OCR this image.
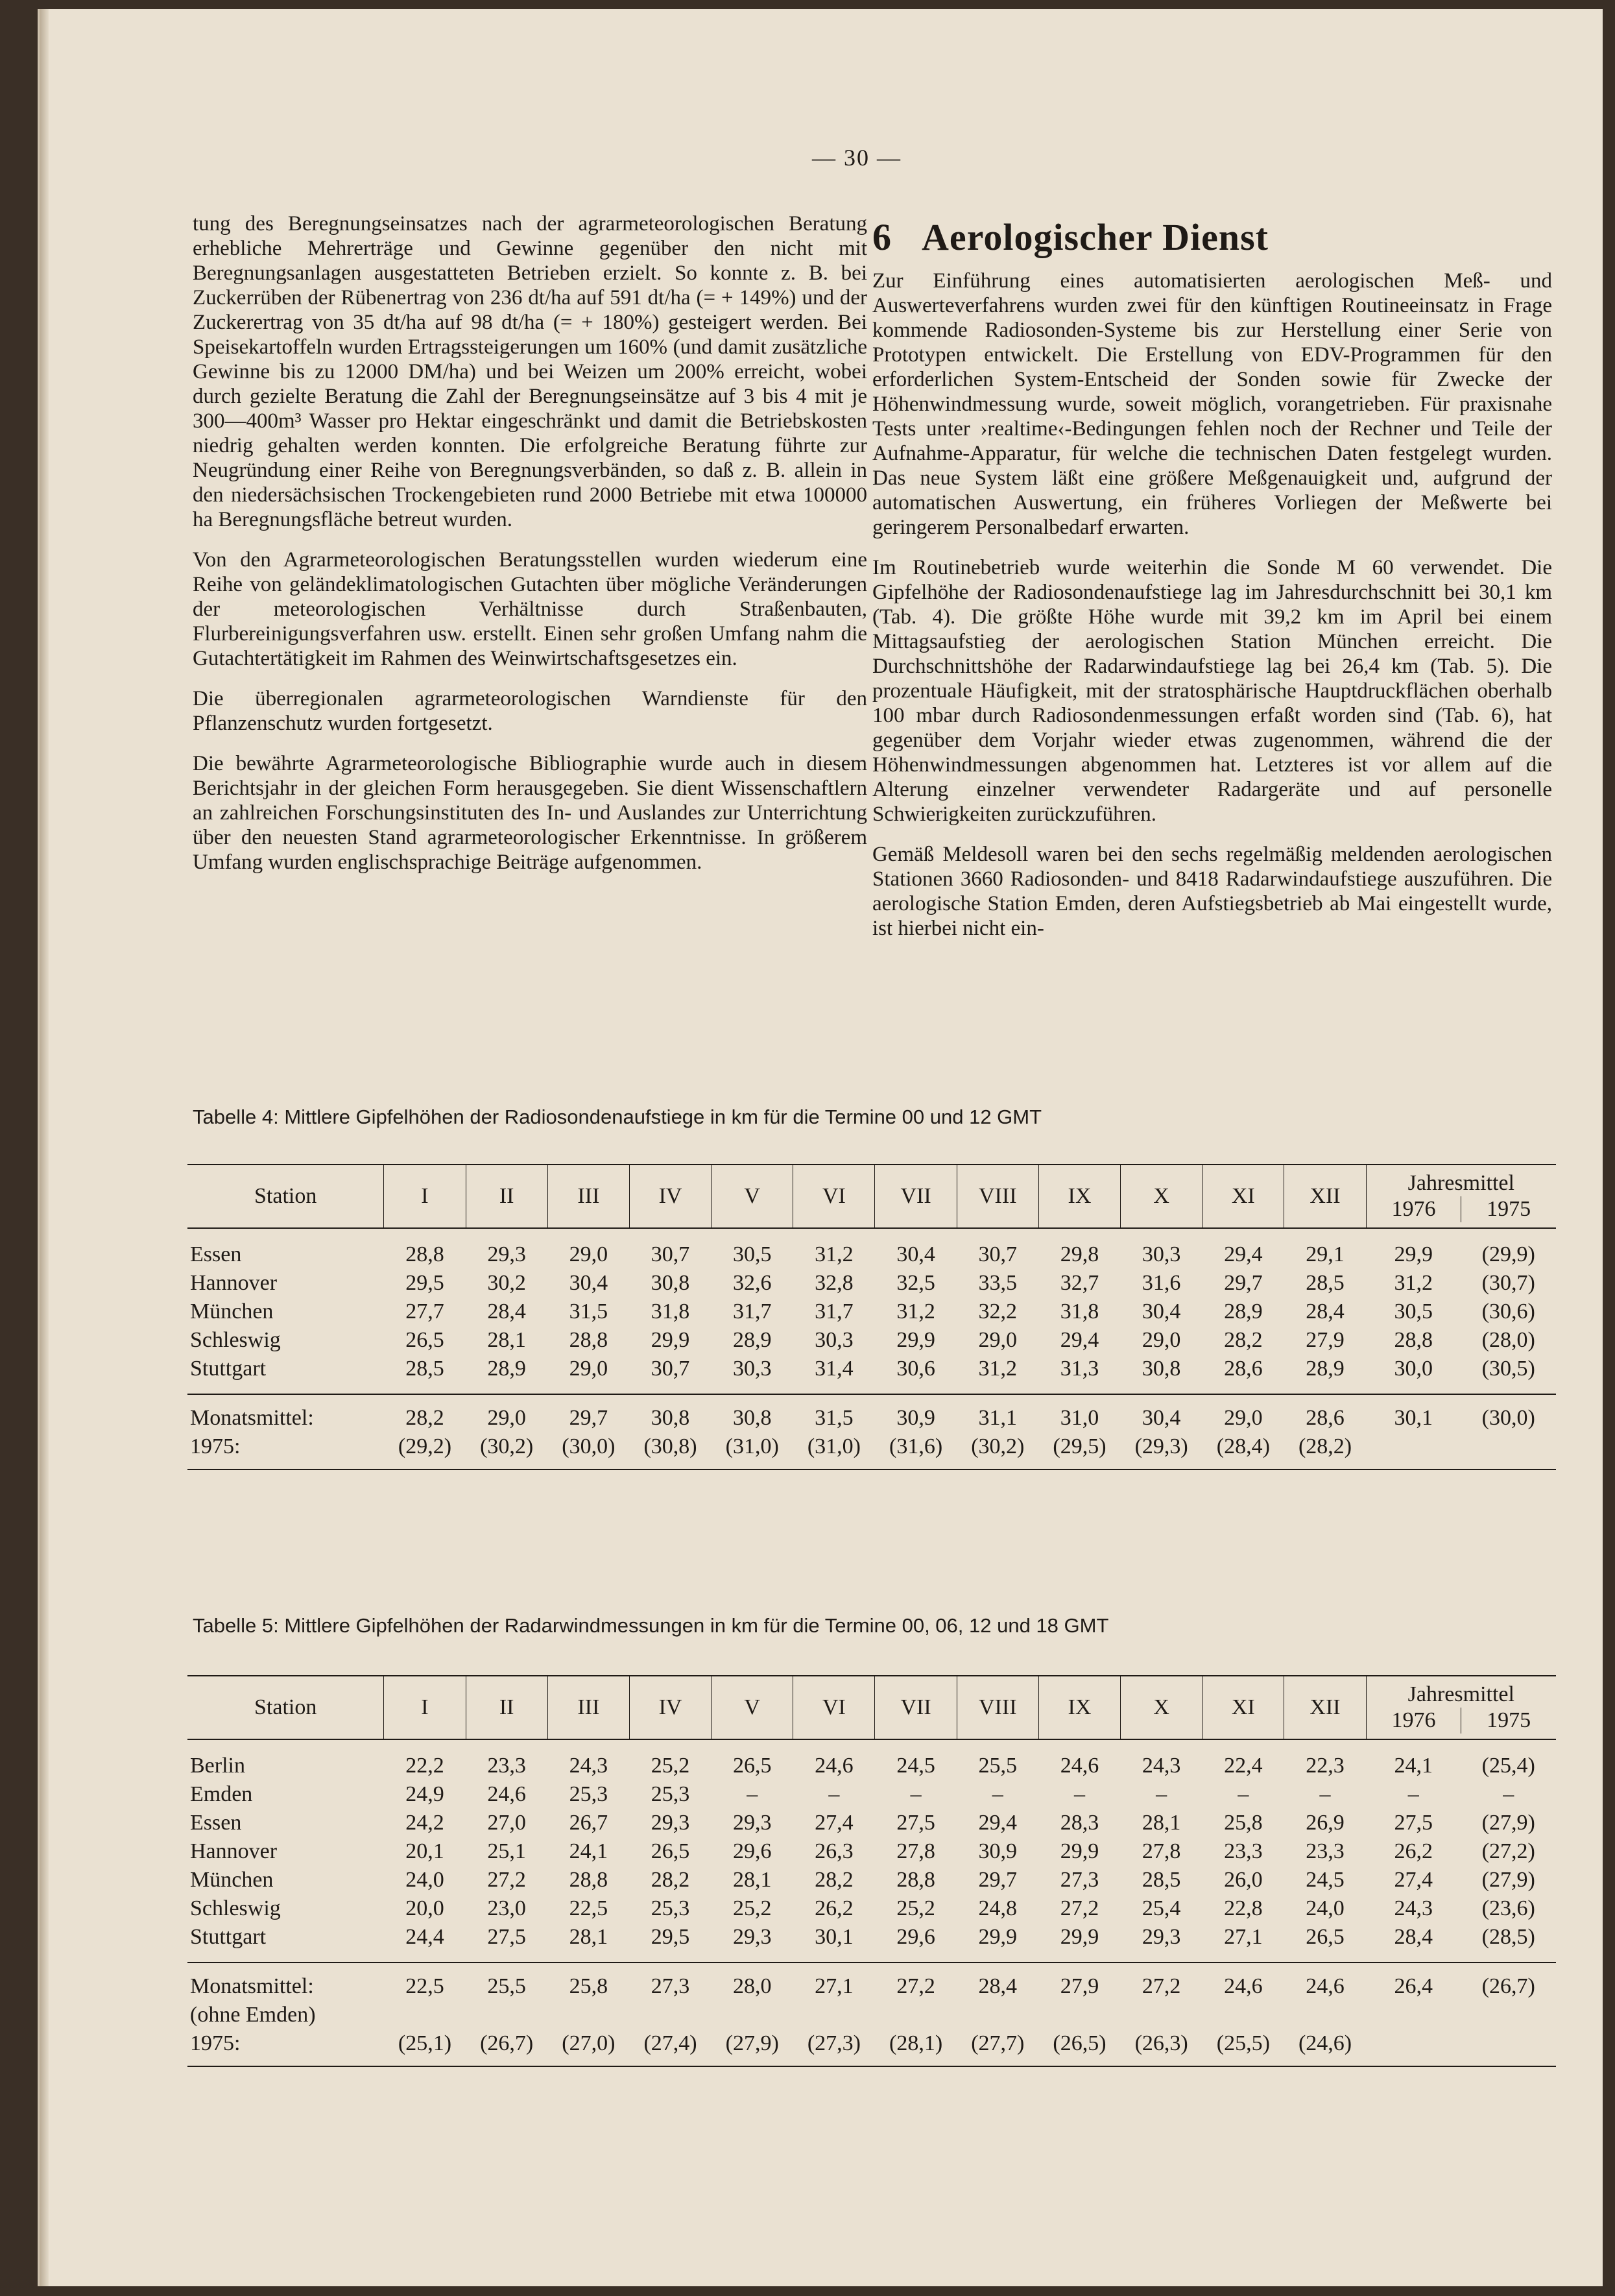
— 30 —

tung des Beregnungseinsatzes nach der agrarmeteorologischen Beratung erhebliche Mehrerträge und Gewinne gegenüber den nicht mit Beregnungsanlagen ausgestatteten Betrieben erzielt. So konnte z. B. bei Zuckerrüben der Rübenertrag von 236 dt/ha auf 591 dt/ha (= + 149%) und der Zuckerertrag von 35 dt/ha auf 98 dt/ha (= + 180%) gesteigert werden. Bei Speisekartoffeln wurden Ertragssteigerungen um 160% (und damit zusätzliche Gewinne bis zu 12000 DM/ha) und bei Weizen um 200% erreicht, wobei durch gezielte Beratung die Zahl der Beregnungseinsätze auf 3 bis 4 mit je 300—400m³ Wasser pro Hektar eingeschränkt und damit die Betriebskosten niedrig gehalten werden konnten. Die erfolgreiche Beratung führte zur Neugründung einer Reihe von Beregnungsverbänden, so daß z. B. allein in den niedersächsischen Trockengebieten rund 2000 Betriebe mit etwa 100000 ha Beregnungsfläche betreut wurden.

Von den Agrarmeteorologischen Beratungsstellen wurden wiederum eine Reihe von geländeklimatologischen Gutachten über mögliche Veränderungen der meteorologischen Verhältnisse durch Straßenbauten, Flurbereinigungsverfahren usw. erstellt. Einen sehr großen Umfang nahm die Gutachtertätigkeit im Rahmen des Weinwirtschaftsgesetzes ein.

Die überregionalen agrarmeteorologischen Warndienste für den Pflanzenschutz wurden fortgesetzt.

Die bewährte Agrarmeteorologische Bibliographie wurde auch in diesem Berichtsjahr in der gleichen Form herausgegeben. Sie dient Wissenschaftlern an zahlreichen Forschungsinstituten des In- und Auslandes zur Unterrichtung über den neuesten Stand agrarmeteorologischer Erkenntnisse. In größerem Umfang wurden englischsprachige Beiträge aufgenommen.

6 Aerologischer Dienst

Zur Einführung eines automatisierten aerologischen Meß- und Auswerteverfahrens wurden zwei für den künftigen Routineeinsatz in Frage kommende Radiosonden-Systeme bis zur Herstellung einer Serie von Prototypen entwickelt. Die Erstellung von EDV-Programmen für den erforderlichen System-Entscheid der Sonden sowie für Zwecke der Höhenwindmessung wurde, soweit möglich, vorangetrieben. Für praxisnahe Tests unter ›realtime‹-Bedingungen fehlen noch der Rechner und Teile der Aufnahme-Apparatur, für welche die technischen Daten festgelegt wurden. Das neue System läßt eine größere Meßgenauigkeit und, aufgrund der automatischen Auswertung, ein früheres Vorliegen der Meßwerte bei geringerem Personalbedarf erwarten.

Im Routinebetrieb wurde weiterhin die Sonde M 60 verwendet. Die Gipfelhöhe der Radiosondenaufstiege lag im Jahresdurchschnitt bei 30,1 km (Tab. 4). Die größte Höhe wurde mit 39,2 km im April bei einem Mittagsaufstieg der aerologischen Station München erreicht. Die Durchschnittshöhe der Radarwindaufstiege lag bei 26,4 km (Tab. 5). Die prozentuale Häufigkeit, mit der stratosphärische Hauptdruckflächen oberhalb 100 mbar durch Radiosondenmessungen erfaßt worden sind (Tab. 6), hat gegenüber dem Vorjahr wieder etwas zugenommen, während die der Höhenwindmessungen abgenommen hat. Letzteres ist vor allem auf die Alterung einzelner verwendeter Radargeräte und auf personelle Schwierigkeiten zurückzuführen.

Gemäß Meldesoll waren bei den sechs regelmäßig meldenden aerologischen Stationen 3660 Radiosonden- und 8418 Radarwindaufstiege auszuführen. Die aerologische Station Emden, deren Aufstiegsbetrieb ab Mai eingestellt wurde, ist hierbei nicht ein-

Tabelle 4: Mittlere Gipfelhöhen der Radiosondenaufstiege in km für die Termine 00 und 12 GMT

Station	I	II	III	IV	V	VI	VII	VIII	IX	X	XI	XII	Jahresmittel
1976 1975	

Essen	28,8	29,3	29,0	30,7	30,5	31,2	30,4	30,7	29,8	30,3	29,4	29,1	29,9	(29,9)
Hannover	29,5	30,2	30,4	30,8	32,6	32,8	32,5	33,5	32,7	31,6	29,7	28,5	31,2	(30,7)
München	27,7	28,4	31,5	31,8	31,7	31,7	31,2	32,2	31,8	30,4	28,9	28,4	30,5	(30,6)
Schleswig	26,5	28,1	28,8	29,9	28,9	30,3	29,9	29,0	29,4	29,0	28,2	27,9	28,8	(28,0)
Stuttgart	28,5	28,9	29,0	30,7	30,3	31,4	30,6	31,2	31,3	30,8	28,6	28,9	30,0	(30,5)
Monatsmittel:	28,2	29,0	29,7	30,8	30,8	31,5	30,9	31,1	31,0	30,4	29,0	28,6	30,1	(30,0)
1975:	(29,2)	(30,2)	(30,0)	(30,8)	(31,0)	(31,0)	(31,6)	(30,2)	(29,5)	(29,3)	(28,4)	(28,2)		

Tabelle 5: Mittlere Gipfelhöhen der Radarwindmessungen in km für die Termine 00, 06, 12 und 18 GMT

Station	I	II	III	IV	V	VI	VII	VIII	IX	X	XI	XII	Jahresmittel
1976 1975	

Berlin	22,2	23,3	24,3	25,2	26,5	24,6	24,5	25,5	24,6	24,3	22,4	22,3	24,1	(25,4)
Emden	24,9	24,6	25,3	25,3	–	–	–	–	–	–	–	–	–	–
Essen	24,2	27,0	26,7	29,3	29,3	27,4	27,5	29,4	28,3	28,1	25,8	26,9	27,5	(27,9)
Hannover	20,1	25,1	24,1	26,5	29,6	26,3	27,8	30,9	29,9	27,8	23,3	23,3	26,2	(27,2)
München	24,0	27,2	28,8	28,2	28,1	28,2	28,8	29,7	27,3	28,5	26,0	24,5	27,4	(27,9)
Schleswig	20,0	23,0	22,5	25,3	25,2	26,2	25,2	24,8	27,2	25,4	22,8	24,0	24,3	(23,6)
Stuttgart	24,4	27,5	28,1	29,5	29,3	30,1	29,6	29,9	29,9	29,3	27,1	26,5	28,4	(28,5)
Monatsmittel:	22,5	25,5	25,8	27,3	28,0	27,1	27,2	28,4	27,9	27,2	24,6	24,6	26,4	(26,7)
(ohne Emden)														
1975:	(25,1)	(26,7)	(27,0)	(27,4)	(27,9)	(27,3)	(28,1)	(27,7)	(26,5)	(26,3)	(25,5)	(24,6)		
